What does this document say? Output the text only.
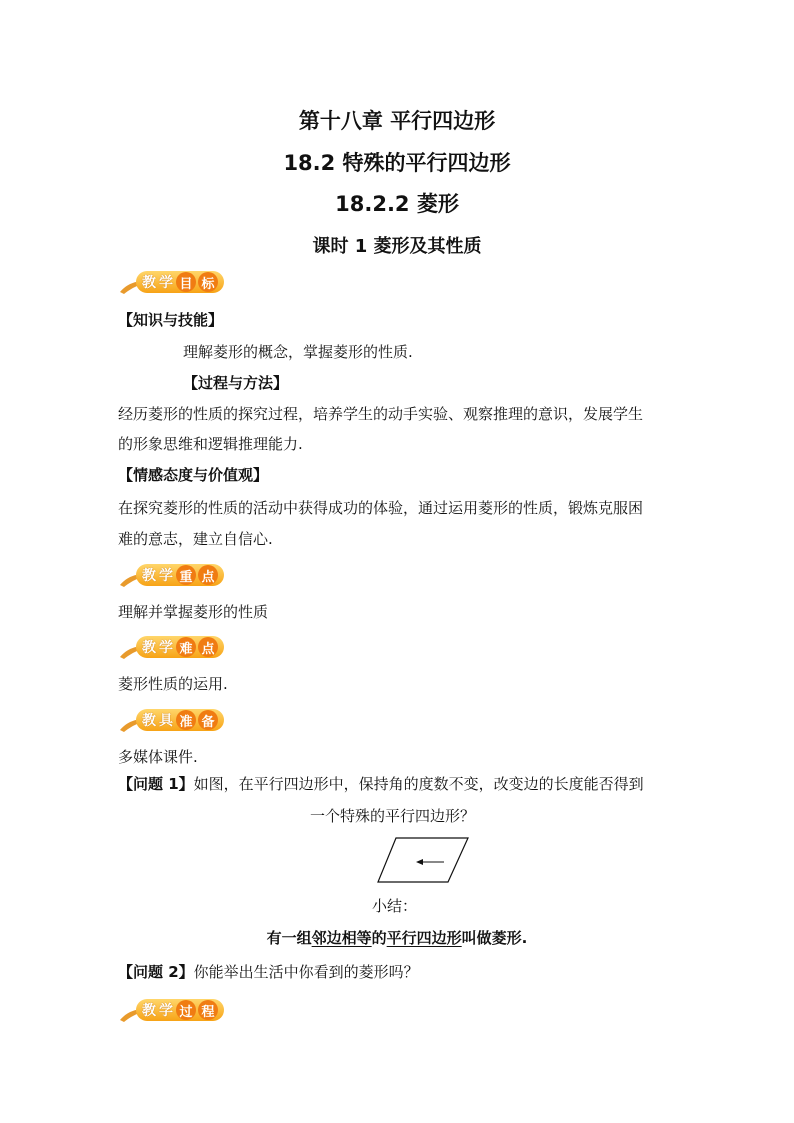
第十八章 平行四边形
18.2 特殊的平行四边形
18.2.2 菱形
课时 1 菱形及其性质
教 学 目 标
【知识与技能】
理解菱形的概念，掌握菱形的性质.
【过程与方法】
经历菱形的性质的探究过程，培养学生的动手实验、观察推理的意识，发展学生
的形象思维和逻辑推理能力.
【情感态度与价值观】
在探究菱形的性质的活动中获得成功的体验，通过运用菱形的性质，锻炼克服困
难的意志，建立自信心.
教 学 重 点
理解并掌握菱形的性质
教 学 难 点
菱形性质的运用.
教 具 准 备
多媒体课件.
【问题 1】如图，在平行四边形中，保持角的度数不变，改变边的长度能否得到
一个特殊的平行四边形？
小结：
有一组邻边相等的平行四边形叫做菱形.
【问题 2】你能举出生活中你看到的菱形吗？
教 学 过 程
